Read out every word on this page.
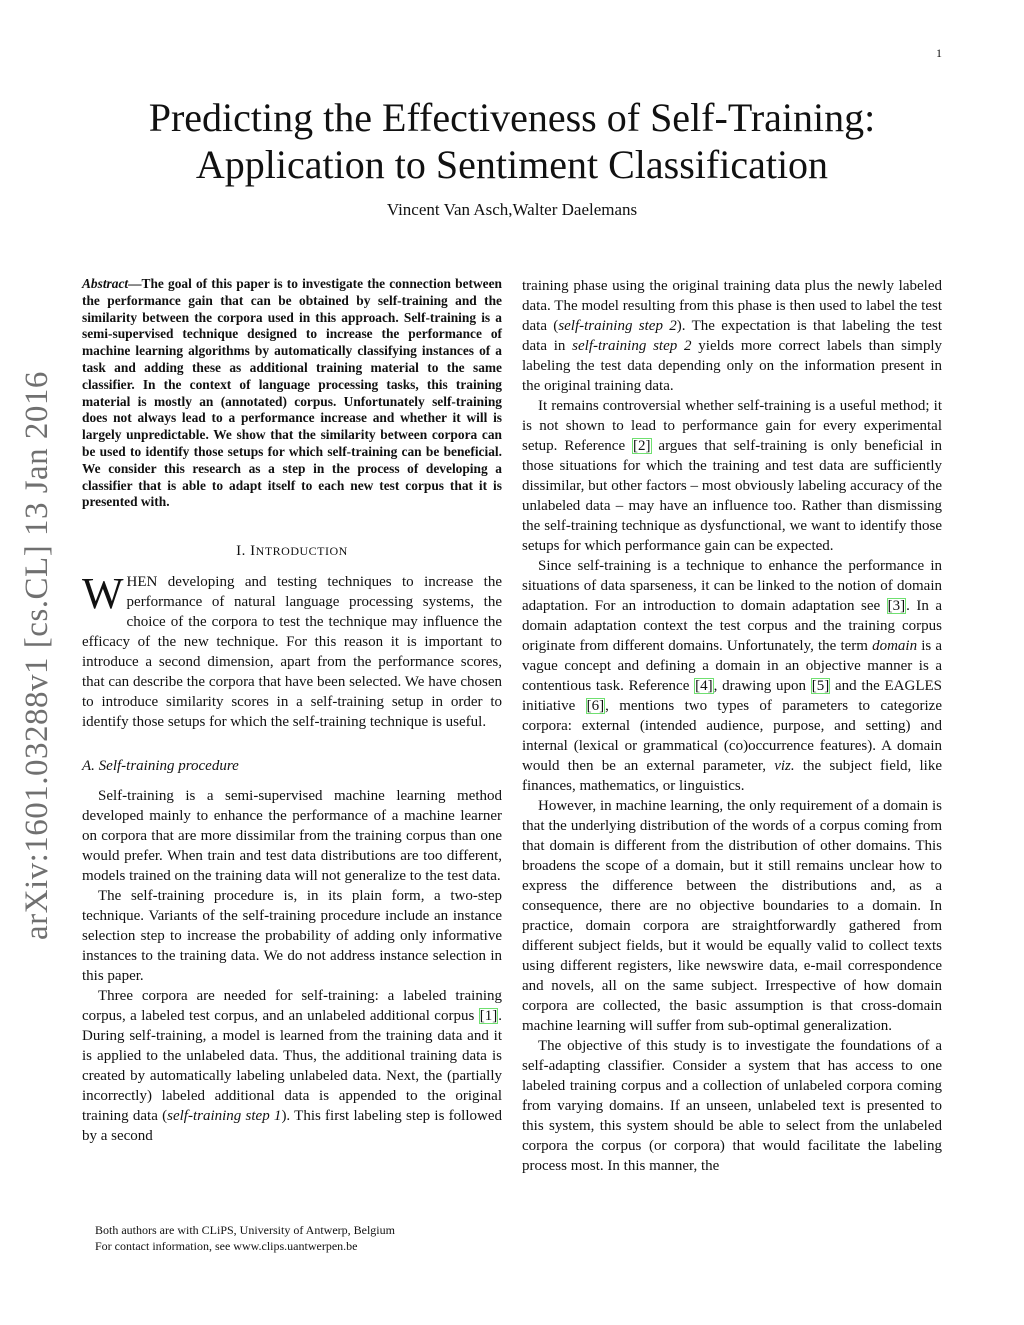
1
arXiv:1601.03288v1 [cs.CL] 13 Jan 2016
Predicting the Effectiveness of Self-Training:
Application to Sentiment Classification
Vincent Van Asch,Walter Daelemans

Abstract—The goal of this paper is to investigate the connection between the performance gain that can be obtained by self-training and the similarity between the corpora used in this approach. Self-training is a semi-supervised technique designed to increase the performance of machine learning algorithms by automatically classifying instances of a task and adding these as additional training material to the same classifier. In the context of language processing tasks, this training material is mostly an (annotated) corpus. Unfortunately self-training does not always lead to a performance increase and whether it will is largely unpredictable. We show that the similarity between corpora can be used to identify those setups for which self-training can be beneficial. We consider this research as a step in the process of developing a classifier that is able to adapt itself to each new test corpus that it is presented with.

I. INTRODUCTION

WHEN developing and testing techniques to increase the performance of natural language processing systems, the choice of the corpora to test the technique may influence the efficacy of the new technique. For this reason it is important to introduce a second dimension, apart from the performance scores, that can describe the corpora that have been selected. We have chosen to introduce similarity scores in a self-training setup in order to identify those setups for which the self-training technique is useful.

A. Self-training procedure

Self-training is a semi-supervised machine learning method developed mainly to enhance the performance of a machine learner on corpora that are more dissimilar from the training corpus than one would prefer. When train and test data distributions are too different, models trained on the training data will not generalize to the test data.

The self-training procedure is, in its plain form, a two-step technique. Variants of the self-training procedure include an instance selection step to increase the probability of adding only informative instances to the training data. We do not address instance selection in this paper.

Three corpora are needed for self-training: a labeled training corpus, a labeled test corpus, and an unlabeled additional corpus [1]. During self-training, a model is learned from the training data and it is applied to the unlabeled data. Thus, the additional training data is created by automatically labeling unlabeled data. Next, the (partially incorrectly) labeled additional data is appended to the original training data (self-training step 1). This first labeling step is followed by a second

training phase using the original training data plus the newly labeled data. The model resulting from this phase is then used to label the test data (self-training step 2). The expectation is that labeling the test data in self-training step 2 yields more correct labels than simply labeling the test data depending only on the information present in the original training data.

It remains controversial whether self-training is a useful method; it is not shown to lead to performance gain for every experimental setup. Reference [2] argues that self-training is only beneficial in those situations for which the training and test data are sufficiently dissimilar, but other factors – most obviously labeling accuracy of the unlabeled data – may have an influence too. Rather than dismissing the self-training technique as dysfunctional, we want to identify those setups for which performance gain can be expected.

Since self-training is a technique to enhance the performance in situations of data sparseness, it can be linked to the notion of domain adaptation. For an introduction to domain adaptation see [3]. In a domain adaptation context the test corpus and the training corpus originate from different domains. Unfortunately, the term domain is a vague concept and defining a domain in an objective manner is a contentious task. Reference [4], drawing upon [5] and the EAGLES initiative [6], mentions two types of parameters to categorize corpora: external (intended audience, purpose, and setting) and internal (lexical or grammatical (co)occurrence features). A domain would then be an external parameter, viz. the subject field, like finances, mathematics, or linguistics.

However, in machine learning, the only requirement of a domain is that the underlying distribution of the words of a corpus coming from that domain is different from the distribution of other domains. This broadens the scope of a domain, but it still remains unclear how to express the difference between the distributions and, as a consequence, there are no objective boundaries to a domain. In practice, domain corpora are straightforwardly gathered from different subject fields, but it would be equally valid to collect texts using different registers, like newswire data, e-mail correspondence and novels, all on the same subject. Irrespective of how domain corpora are collected, the basic assumption is that cross-domain machine learning will suffer from sub-optimal generalization.

The objective of this study is to investigate the foundations of a self-adapting classifier. Consider a system that has access to one labeled training corpus and a collection of unlabeled corpora coming from varying domains. If an unseen, unlabeled text is presented to this system, this system should be able to select from the unlabeled corpora the corpus (or corpora) that would facilitate the labeling process most. In this manner, the

Both authors are with CLiPS, University of Antwerp, Belgium
For contact information, see www.clips.uantwerpen.be
